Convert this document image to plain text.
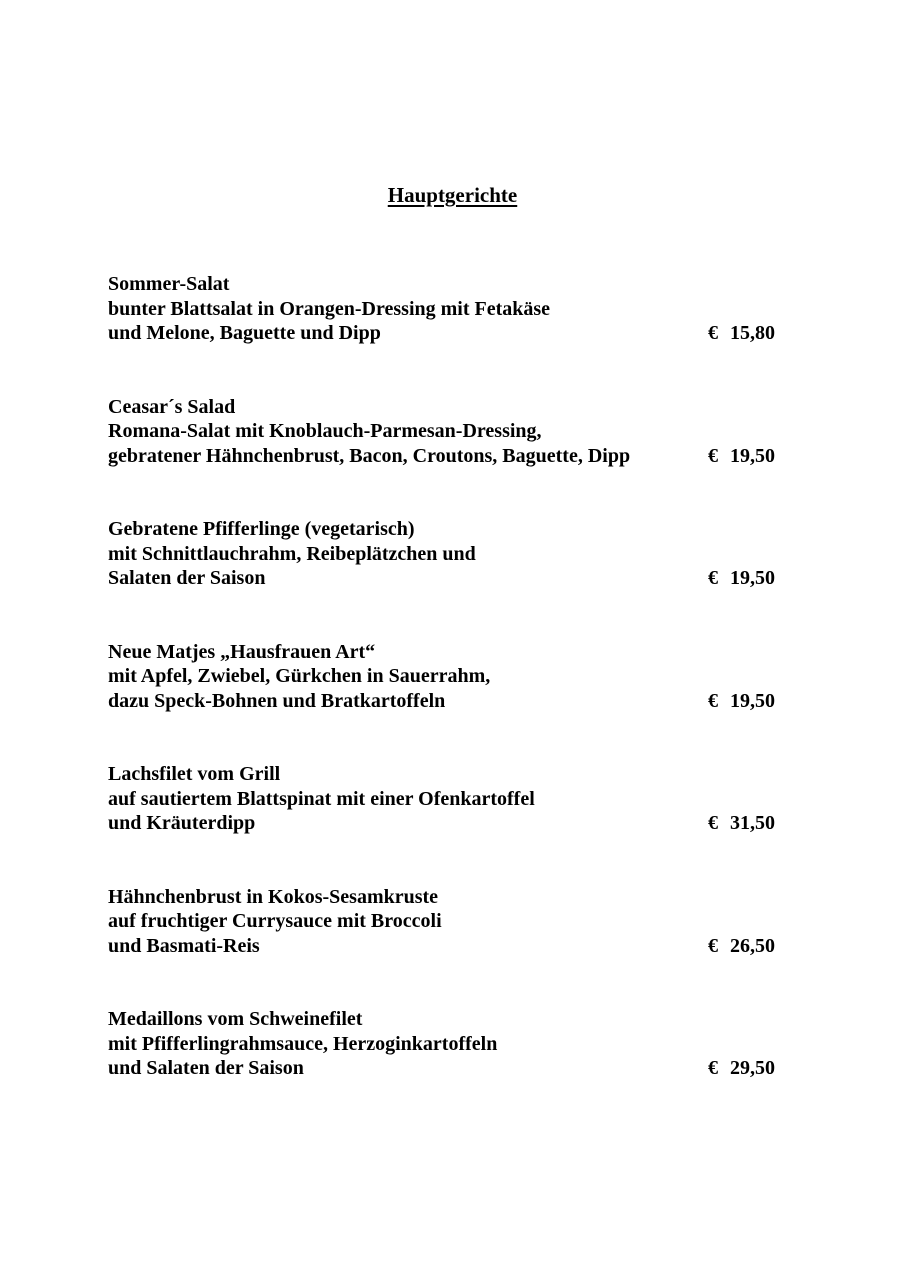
Hauptgerichte
Sommer-Salat
bunter Blattsalat in Orangen-Dressing mit Fetakäse
und Melone, Baguette und Dipp	€ 15,80
Ceasar´s Salad
Romana-Salat mit Knoblauch-Parmesan-Dressing,
gebratener Hähnchenbrust, Bacon, Croutons, Baguette, Dipp	€ 19,50
Gebratene Pfifferlinge (vegetarisch)
mit Schnittlauchrahm, Reibeplätzchen und
Salaten der Saison	€ 19,50
Neue Matjes „Hausfrauen Art“
mit Apfel, Zwiebel, Gürkchen in Sauerrahm,
dazu Speck-Bohnen und Bratkartoffeln	€ 19,50
Lachsfilet vom Grill
auf sautiertem Blattspinat mit einer Ofenkartoffel
und Kräuterdipp	€ 31,50
Hähnchenbrust in Kokos-Sesamkruste
auf fruchtiger Currysauce mit Broccoli
und Basmati-Reis	€ 26,50
Medaillons vom Schweinefilet
mit Pfifferlingrahmsauce, Herzoginkartoffeln
und Salaten der Saison	€ 29,50
